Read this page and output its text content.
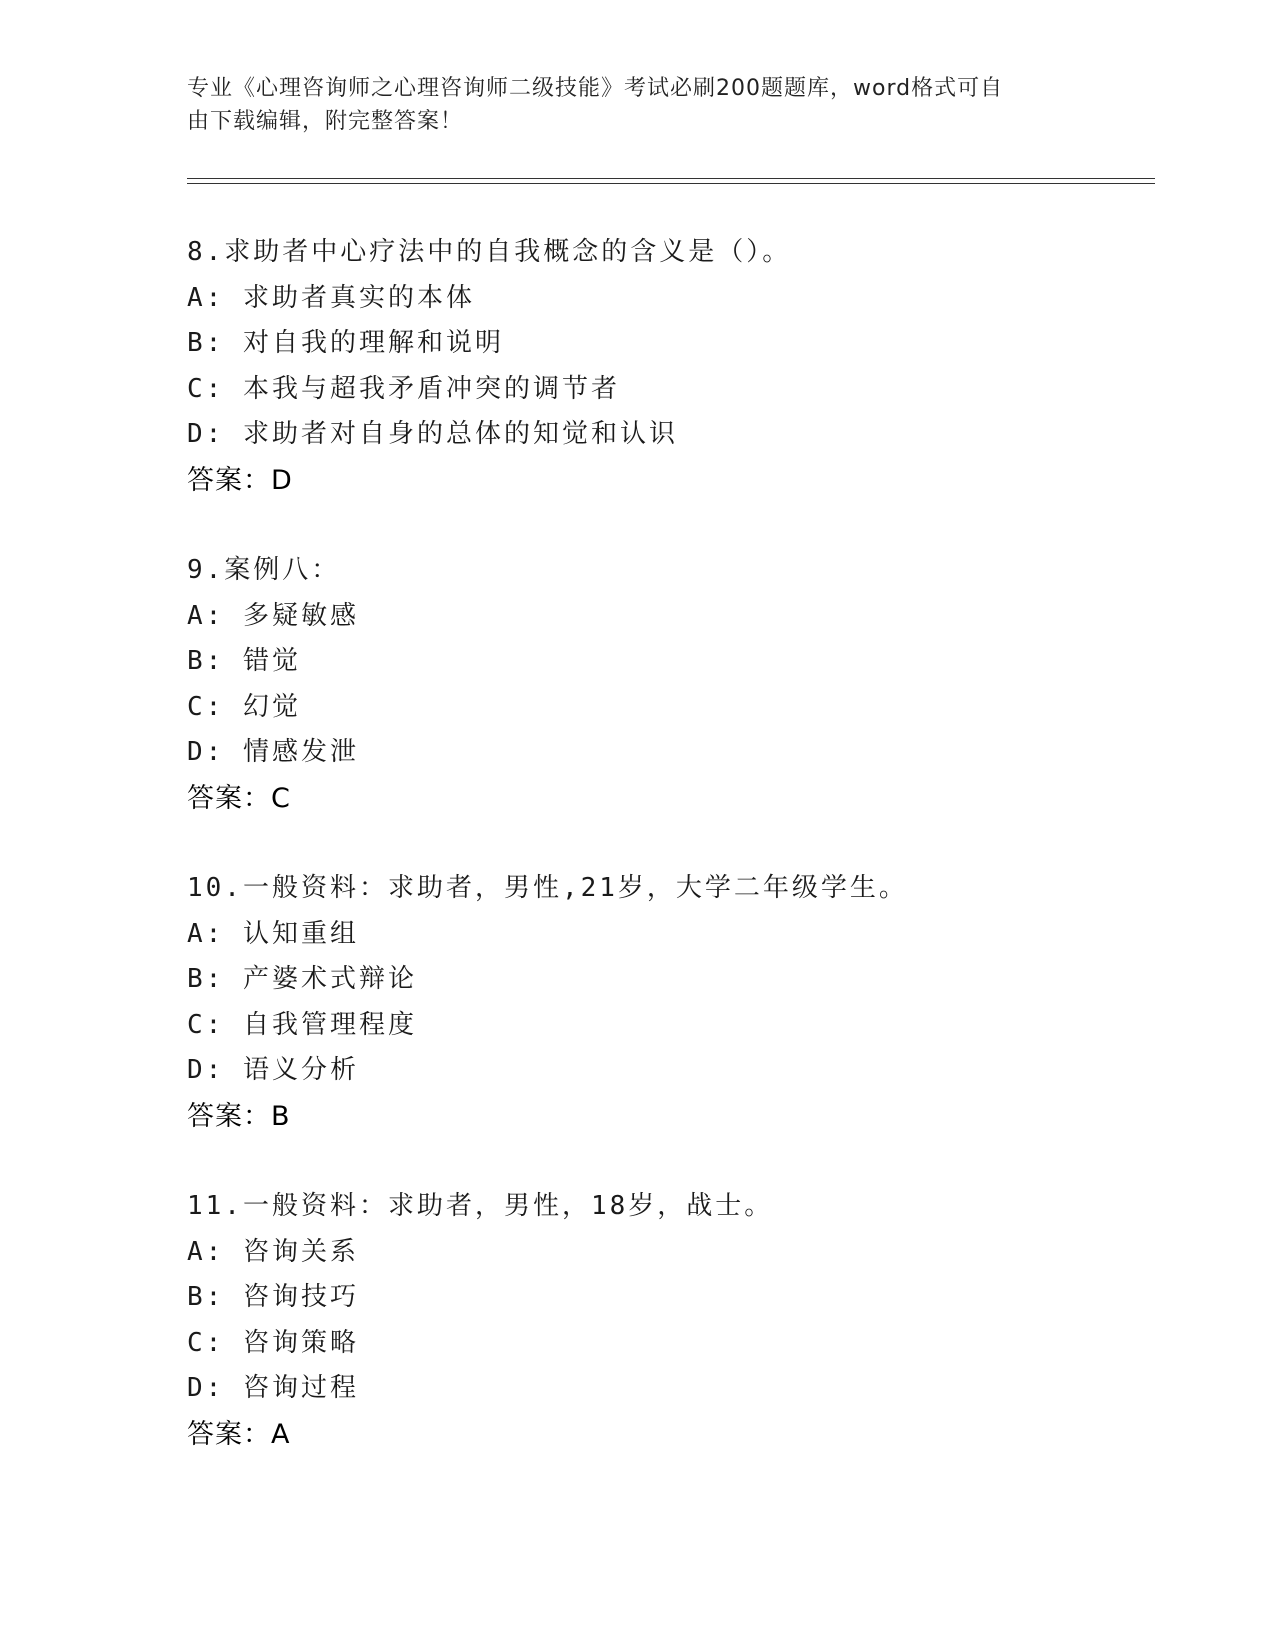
专业《心理咨询师之心理咨询师二级技能》考试必刷200题题库，word格式可自
由下载编辑，附完整答案！
8.求助者中心疗法中的自我概念的含义是（）。
A: 求助者真实的本体
B: 对自我的理解和说明
C: 本我与超我矛盾冲突的调节者
D: 求助者对自身的总体的知觉和认识
答案：D
9.案例八：
A: 多疑敏感
B: 错觉
C: 幻觉
D: 情感发泄
答案：C
10.一般资料：求助者，男性,21岁，大学二年级学生。
A: 认知重组
B: 产婆术式辩论
C: 自我管理程度
D: 语义分析
答案：B
11.一般资料：求助者，男性，18岁，战士。
A: 咨询关系
B: 咨询技巧
C: 咨询策略
D: 咨询过程
答案：A
